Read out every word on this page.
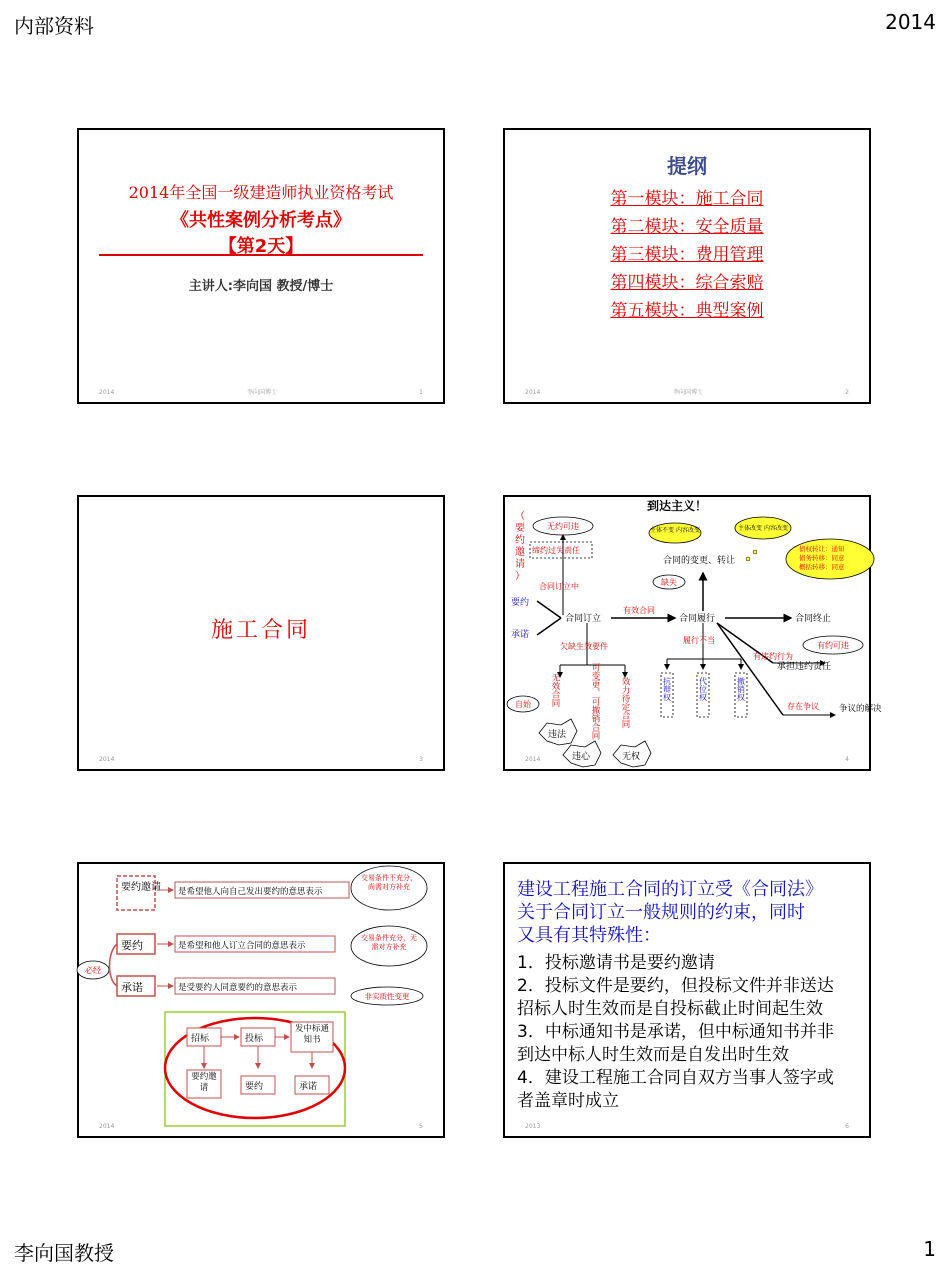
内部资料	2014
李向国教授	1
2014年全国一级建造师执业资格考试
《共性案例分析考点》
【第2天】
主讲人:李向国 教授/博士
2014	李向国博士	1
提纲
第一模块：施工合同
第二模块：安全质量
第三模块：费用管理
第四模块：综合索赔
第五模块：典型案例
2014	李向国博士	2
施工合同
2014	3
到达主义！
（要约邀请）
无约可违
缔约过失责任
合同订立中
主体不变 内容改变	主体改变 内容改变
债权转让：通知 债务转移：同意 概括转移：同意
合同的变更、转让
缺失
要约
承诺
合同订立
有效合同
合同履行	合同终止
欠缺生效要件
无效合同	可变更、可撤销合同 效力待定合同
履行不当
抗辩权	代位权	撤销权
有违约行为
承担违约责任
有约可违
存在争议 争议的解决
自始
违法
违心	无权
2014	4
要约邀请 是希望他人向自己发出要约的意思表示
要约	是希望和他人订立合同的意思表示
承诺	是受要约人同意要约的意思表示
交易条件不充分，尚需对方补充
交易条件充分，无需对方补充
非实质性变更
必经
招标	投标
发中标通知书
要约邀请	要约	承诺
2014	5
建设工程施工合同的订立受《合同法》
关于合同订立一般规则的约束，同时
又具有其特殊性：
1．投标邀请书是要约邀请
2．投标文件是要约，但投标文件并非送达
招标人时生效而是自投标截止时间起生效
3．中标通知书是承诺，但中标通知书并非
到达中标人时生效而是自发出时生效
4．建设工程施工合同自双方当事人签字或
者盖章时成立
2013	6
